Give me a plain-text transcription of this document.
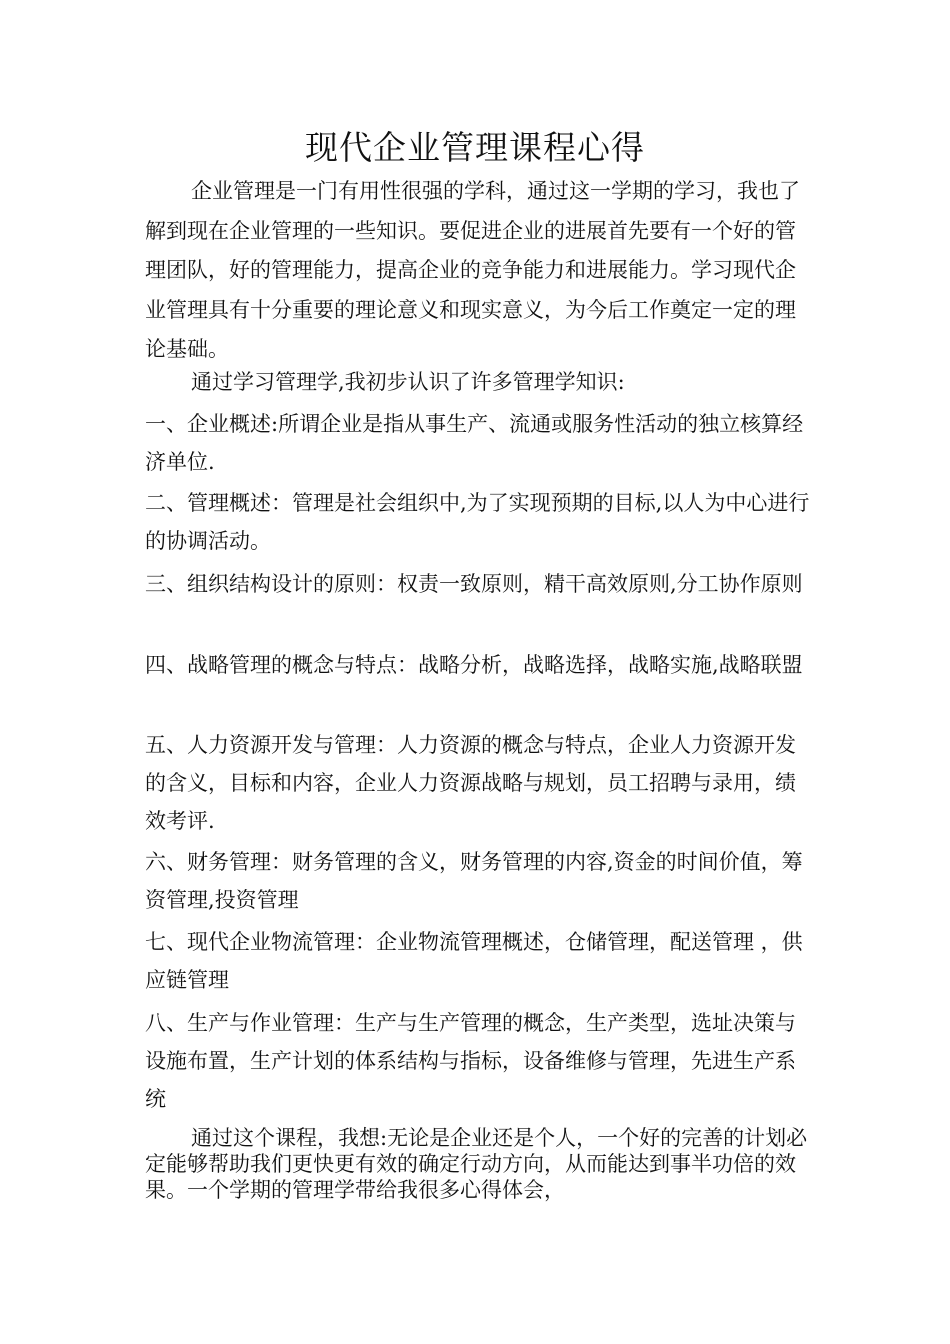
现代企业管理课程心得

企业管理是一门有用性很强的学科，通过这一学期的学习，我也了解到现在企业管理的一些知识。要促进企业的进展首先要有一个好的管理团队，好的管理能力，提高企业的竞争能力和进展能力。学习现代企业管理具有十分重要的理论意义和现实意义，为今后工作奠定一定的理论基础。

通过学习管理学,我初步认识了许多管理学知识:

一、企业概述:所谓企业是指从事生产、流通或服务性活动的独立核算经济单位.

二、管理概述：管理是社会组织中,为了实现预期的目标,以人为中心进行的协调活动。

三、组织结构设计的原则：权责一致原则，精干高效原则,分工协作原则

四、战略管理的概念与特点：战略分析，战略选择，战略实施,战略联盟

五、人力资源开发与管理：人力资源的概念与特点，企业人力资源开发的含义，目标和内容，企业人力资源战略与规划，员工招聘与录用，绩效考评.

六、财务管理：财务管理的含义，财务管理的内容,资金的时间价值，筹资管理,投资管理

七、现代企业物流管理：企业物流管理概述，仓储管理，配送管理 ，供应链管理

八、生产与作业管理：生产与生产管理的概念，生产类型，选址决策与设施布置，生产计划的体系结构与指标，设备维修与管理，先进生产系统

通过这个课程，我想:无论是企业还是个人，一个好的完善的计划必定能够帮助我们更快更有效的确定行动方向，从而能达到事半功倍的效果。一个学期的管理学带给我很多心得体会，
